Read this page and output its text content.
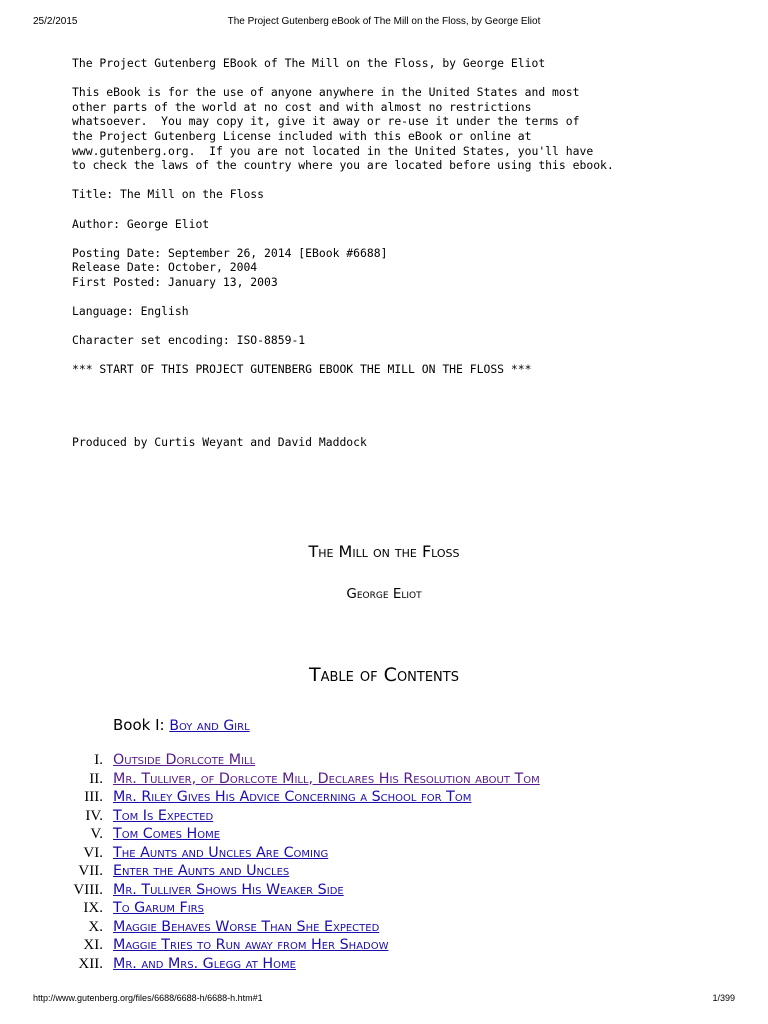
25/2/2015	The Project Gutenberg eBook of The Mill on the Floss, by George Eliot
The Project Gutenberg EBook of The Mill on the Floss, by George Eliot
This eBook is for the use of anyone anywhere in the United States and most
other parts of the world at no cost and with almost no restrictions
whatsoever.  You may copy it, give it away or re-use it under the terms of
the Project Gutenberg License included with this eBook or online at
www.gutenberg.org.  If you are not located in the United States, you'll have
to check the laws of the country where you are located before using this ebook.
Title: The Mill on the Floss
Author: George Eliot
Posting Date: September 26, 2014 [EBook #6688]
Release Date: October, 2004
First Posted: January 13, 2003
Language: English
Character set encoding: ISO-8859-1
*** START OF THIS PROJECT GUTENBERG EBOOK THE MILL ON THE FLOSS ***
Produced by Curtis Weyant and David Maddock
The Mill on the Floss
George Eliot
Table of Contents
Book I: Boy and Girl
I. Outside Dorlcote Mill
II. Mr. Tulliver, of Dorlcote Mill, Declares His Resolution about Tom
III. Mr. Riley Gives His Advice Concerning a School for Tom
IV. Tom Is Expected
V. Tom Comes Home
VI. The Aunts and Uncles Are Coming
VII. Enter the Aunts and Uncles
VIII. Mr. Tulliver Shows His Weaker Side
IX. To Garum Firs
X. Maggie Behaves Worse Than She Expected
XI. Maggie Tries to Run away from Her Shadow
XII. Mr. and Mrs. Glegg at Home
http://www.gutenberg.org/files/6688/6688-h/6688-h.htm#1	1/399
